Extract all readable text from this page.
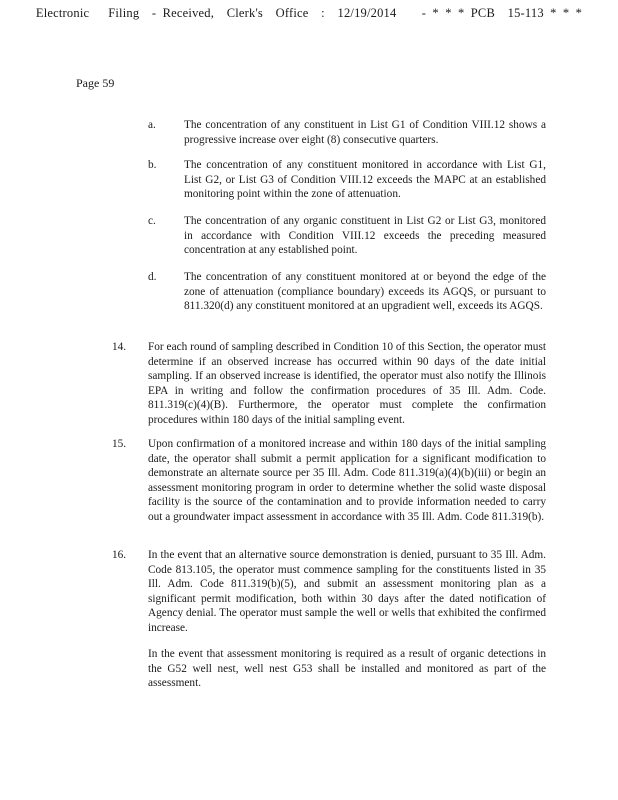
Electronic   Filing  - Received,  Clerk's  Office  :  12/19/2014    - * * * PCB  15-113 * * *
Page 59
a. The concentration of any constituent in List G1 of Condition VIII.12 shows a progressive increase over eight (8) consecutive quarters.
b. The concentration of any constituent monitored in accordance with List G1, List G2, or List G3 of Condition VIII.12 exceeds the MAPC at an established monitoring point within the zone of attenuation.
c. The concentration of any organic constituent in List G2 or List G3, monitored in accordance with Condition VIII.12 exceeds the preceding measured concentration at any established point.
d. The concentration of any constituent monitored at or beyond the edge of the zone of attenuation (compliance boundary) exceeds its AGQS, or pursuant to 811.320(d) any constituent monitored at an upgradient well, exceeds its AGQS.
14. For each round of sampling described in Condition 10 of this Section, the operator must determine if an observed increase has occurred within 90 days of the date initial sampling. If an observed increase is identified, the operator must also notify the Illinois EPA in writing and follow the confirmation procedures of 35 Ill. Adm. Code. 811.319(c)(4)(B). Furthermore, the operator must complete the confirmation procedures within 180 days of the initial sampling event.
15. Upon confirmation of a monitored increase and within 180 days of the initial sampling date, the operator shall submit a permit application for a significant modification to demonstrate an alternate source per 35 Ill. Adm. Code 811.319(a)(4)(b)(iii) or begin an assessment monitoring program in order to determine whether the solid waste disposal facility is the source of the contamination and to provide information needed to carry out a groundwater impact assessment in accordance with 35 Ill. Adm. Code 811.319(b).
16. In the event that an alternative source demonstration is denied, pursuant to 35 Ill. Adm. Code 813.105, the operator must commence sampling for the constituents listed in 35 Ill. Adm. Code 811.319(b)(5), and submit an assessment monitoring plan as a significant permit modification, both within 30 days after the dated notification of Agency denial. The operator must sample the well or wells that exhibited the confirmed increase.
In the event that assessment monitoring is required as a result of organic detections in the G52 well nest, well nest G53 shall be installed and monitored as part of the assessment.
